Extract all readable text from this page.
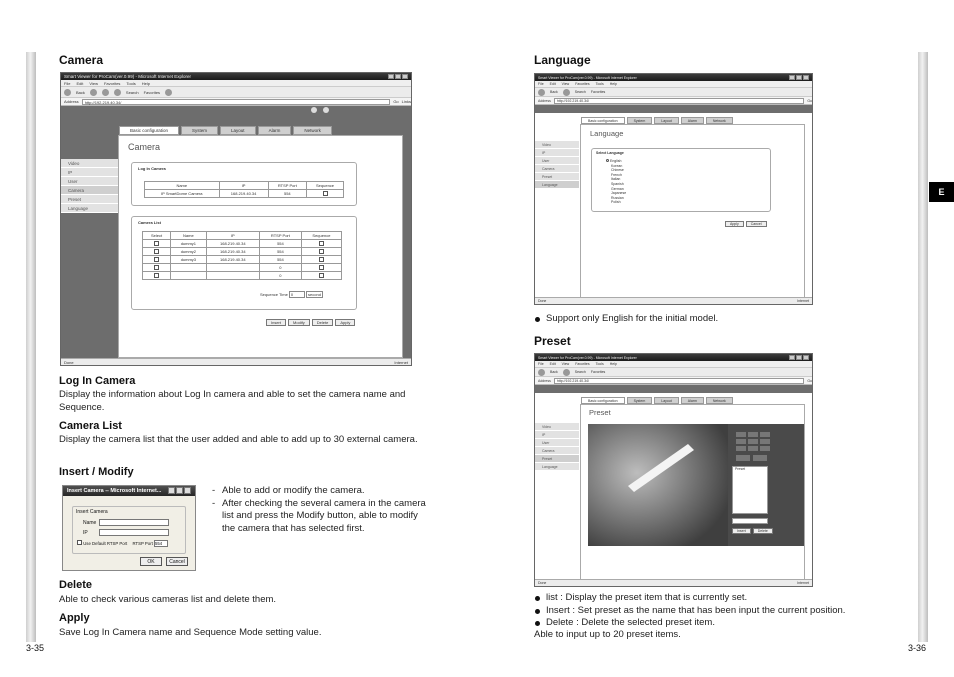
3-35	3-36
E
Camera
Smart Viewer for ProCam(ver.0.99) - Microsoft Internet Explorer
File Edit View Favorites Tools Help
Back	Search Favorites
Address	http://192.219.40.34/	Go Links
Video
IP
User
Camera
Preset
Language
Basic configuration	System	Layout	Alarm	Network
Camera
Log In Camera
Name	IP	RTSP Port	Sequence
IP SmartDome Camera	168.219.40.34	554	
Camera List
Select	Name	IP	RTSP Port	Sequence
	dummy1	168.219.40.34	554	
	dummy2	168.219.40.34	554	
	dummy3	168.219.40.34	554	
			0	
			0	
Sequence Time 0	second
Insert	Modify	Delete	Apply
Done	Internet
Log In Camera
Display the information about Log In camera and able to set the camera name and Sequence.
Camera List
Display the camera list that the user added and able to add up to 30 external camera.
Insert / Modify
Insert Camera -- Microsoft Internet...
Insert Camera
Name
IP
Use Default RTSP Port RTSP Port 554
OK	Cancel
- Able to add or modify the camera.
- After checking the several camera in the camera list and press the Modify button, able to modify the camera that has selected first.
Delete
Able to check various cameras list and delete them.
Apply
Save Log In Camera name and Sequence Mode setting value.
Language
Smart Viewer for ProCam(ver.0.99) - Microsoft Internet Explorer
File Edit View Favorites Tools Help
Back	Search Favorites
Address	http://192.219.40.34/	Go
Video
IP
User
Camera
Preset
Language
Basic configuration	System	Layout	Alarm	Network
Language
Select Language
English
Korean
Chinese
French
Italian
Spanish
German
Japanese
Russian
Polish
Apply	Cancel
Done	Internet
Support only English for the initial model.
Preset
Smart Viewer for ProCam(ver.0.99) - Microsoft Internet Explorer
File Edit View Favorites Tools Help
Back	Search Favorites
Address	http://192.219.40.34/	Go
Video
IP
User
Camera
Preset
Language
Basic configuration	System	Layout	Alarm	Network
Preset
Preset
Insert	Delete
Done	Internet
list : Display the preset item that is currently set.
Insert : Set preset as the name that has been input the current position.
Delete : Delete the selected preset item.
Able to input up to 20 preset items.
